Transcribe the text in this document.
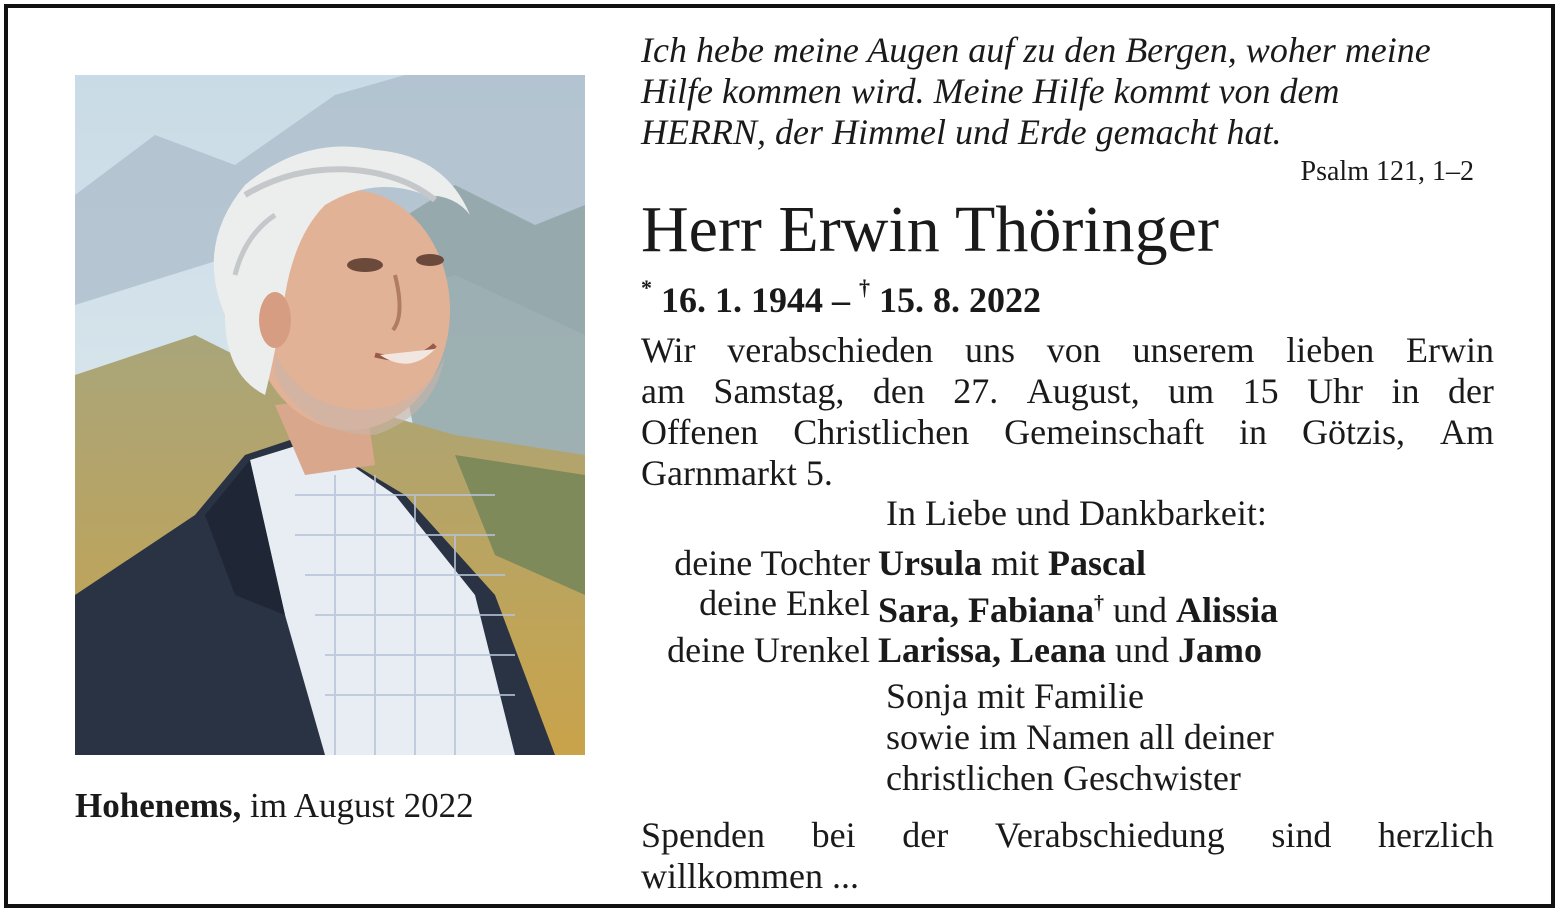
Hohenems, im August 2022
Ich hebe meine Augen auf zu den Bergen, woher meine
Hilfe kommen wird. Meine Hilfe kommt von dem
HERRN, der Himmel und Erde gemacht hat.
Psalm 121, 1–2
Herr Erwin Thöringer
* 16. 1. 1944 – † 15. 8. 2022
Wir verabschieden uns von unserem lieben Erwin
am Samstag, den 27. August, um 15 Uhr in der
Offenen Christlichen Gemeinschaft in Götzis, Am
Garnmarkt 5.
In Liebe und Dankbarkeit:
deine Tochter Ursula mit Pascal
deine Enkel Sara, Fabiana† und Alissia
deine Urenkel Larissa, Leana und Jamo
Sonja mit Familie
sowie im Namen all deiner
christlichen Geschwister
Spenden bei der Verabschiedung sind herzlich
willkommen ...
